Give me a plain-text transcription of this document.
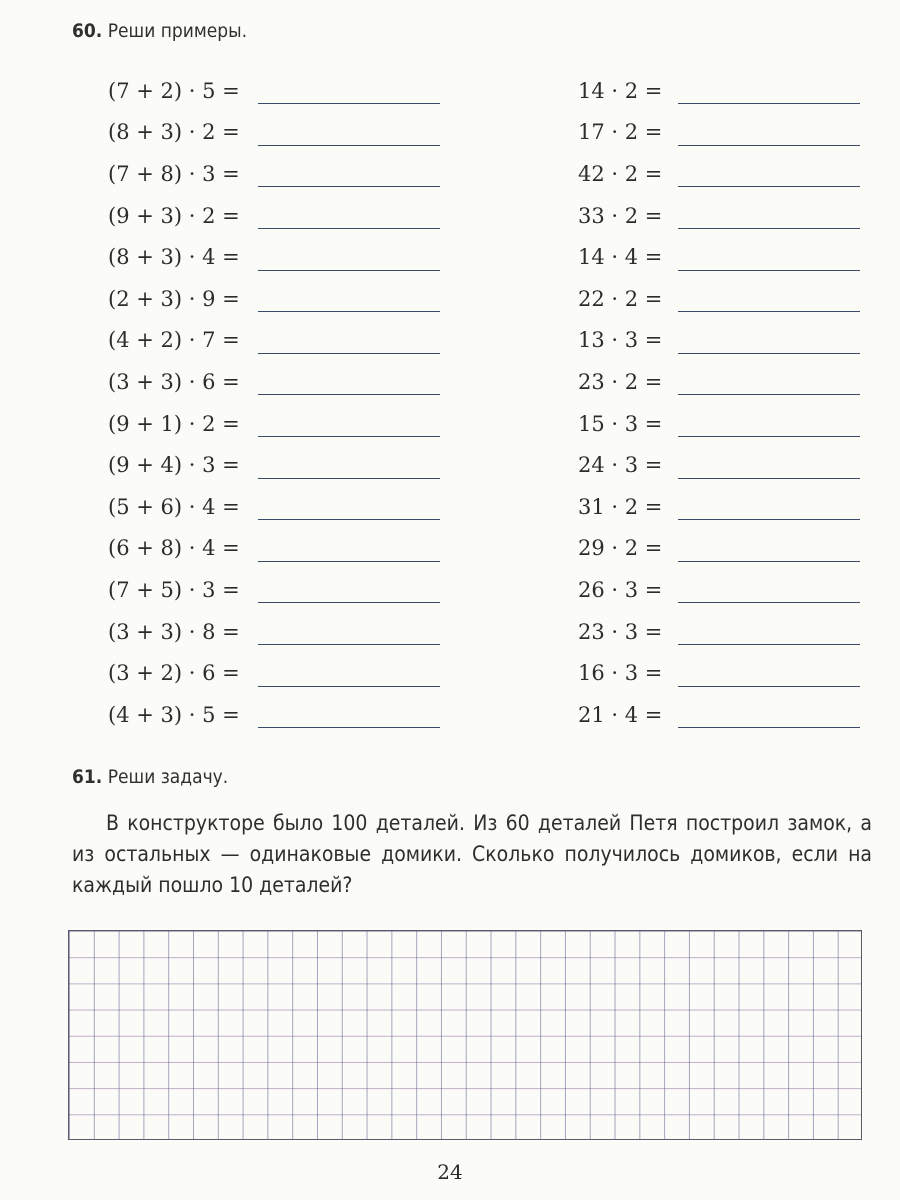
60. Реши примеры.
(7 + 2) · 5 =
(8 + 3) · 2 =
(7 + 8) · 3 =
(9 + 3) · 2 =
(8 + 3) · 4 =
(2 + 3) · 9 =
(4 + 2) · 7 =
(3 + 3) · 6 =
(9 + 1) · 2 =
(9 + 4) · 3 =
(5 + 6) · 4 =
(6 + 8) · 4 =
(7 + 5) · 3 =
(3 + 3) · 8 =
(3 + 2) · 6 =
(4 + 3) · 5 =
14 · 2 =
17 · 2 =
42 · 2 =
33 · 2 =
14 · 4 =
22 · 2 =
13 · 3 =
23 · 2 =
15 · 3 =
24 · 3 =
31 · 2 =
29 · 2 =
26 · 3 =
23 · 3 =
16 · 3 =
21 · 4 =
61. Реши задачу.

В конструкторе было 100 деталей. Из 60 деталей Петя построил замок, а из остальных — одинаковые домики. Сколько получилось домиков, если на каждый пошло 10 деталей?

24
